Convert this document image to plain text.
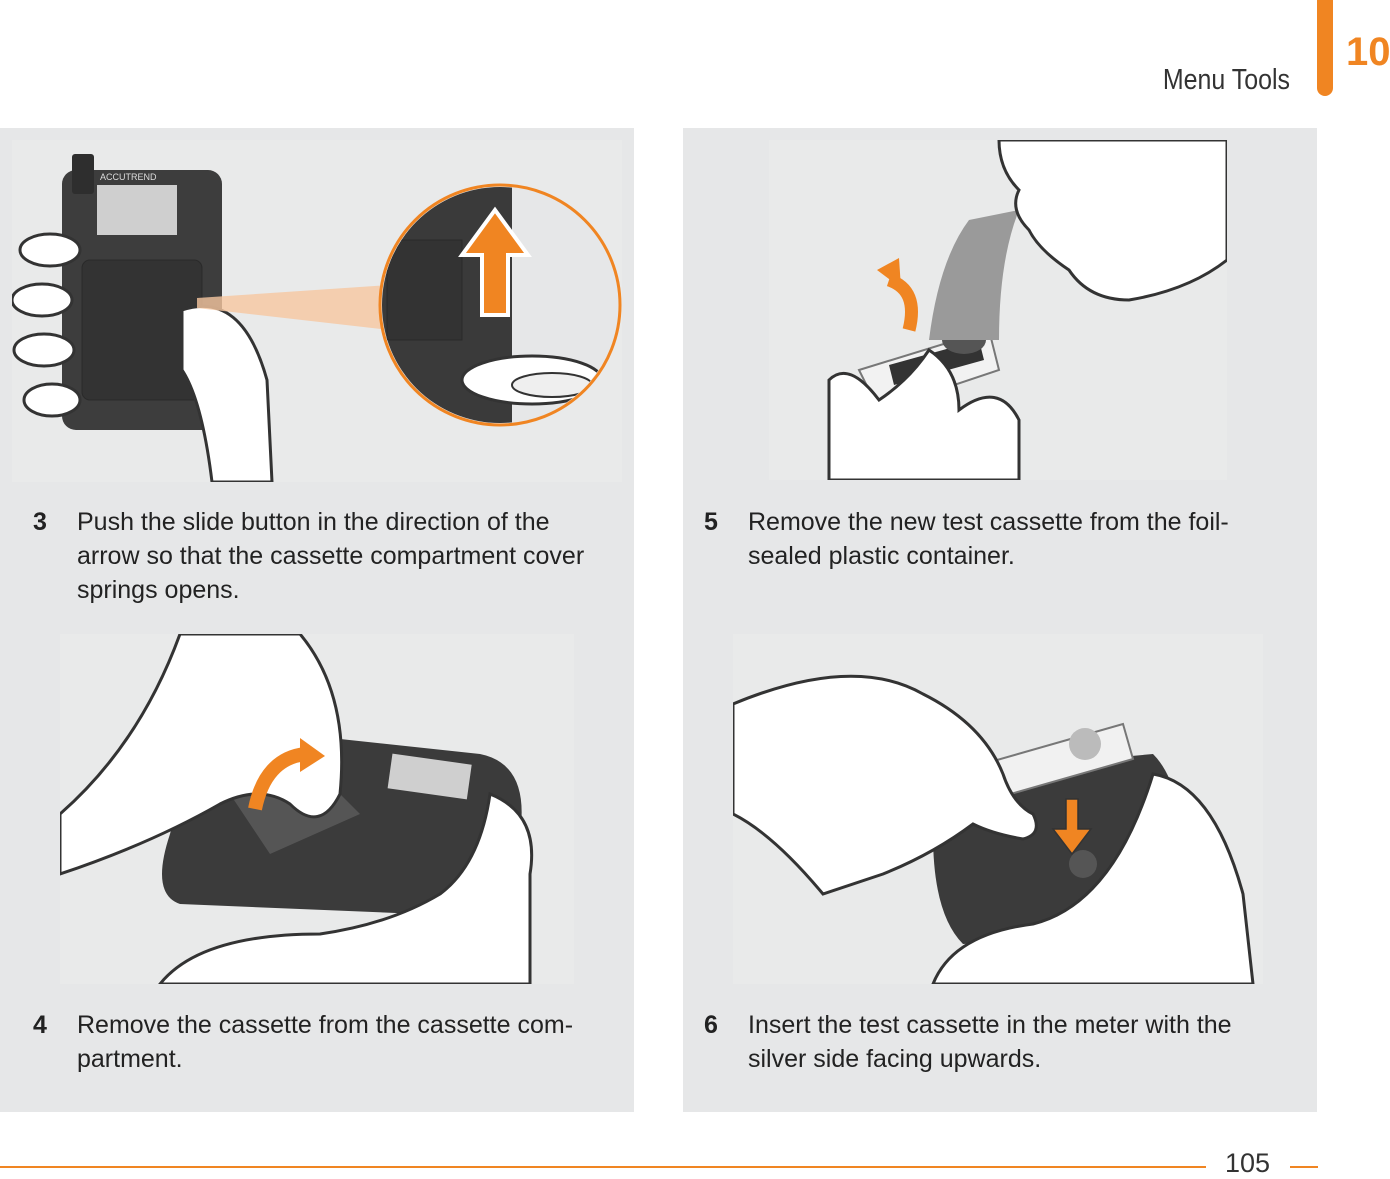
Menu Tools
10
ACCUTREND
3 Push the slide button in the direction of the
arrow so that the cassette compartment cover
springs opens.
4 Remove the cassette from the cassette com-
partment.
5 Remove the new test cassette from the foil-
sealed plastic container.
6 Insert the test cassette in the meter with the
silver side facing upwards.
105
